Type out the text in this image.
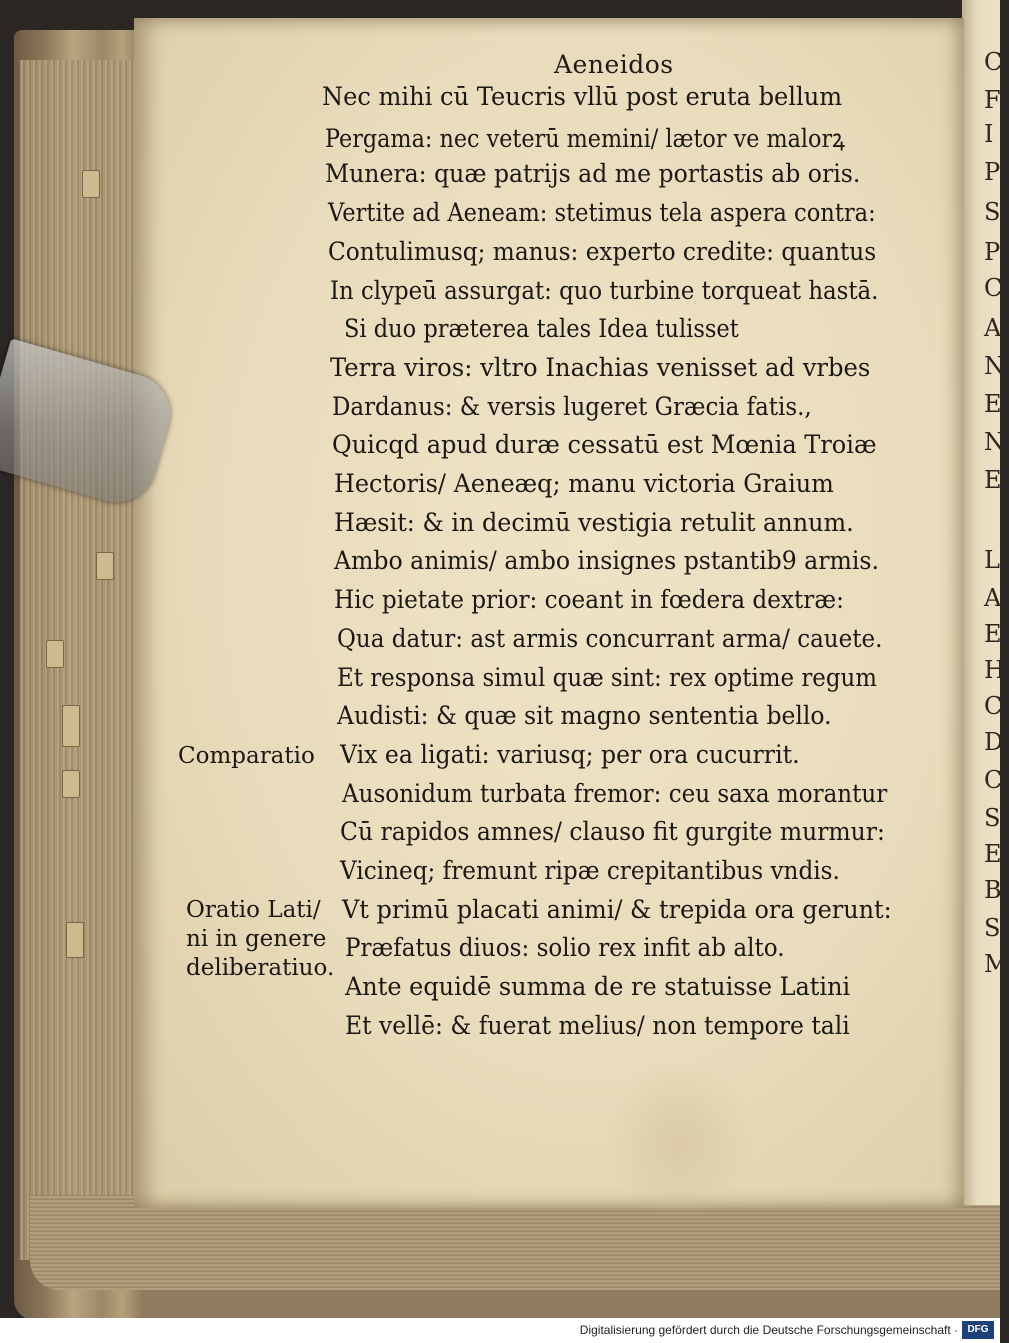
C
F
I
P
S
P
C
A
N
E
N
E
L
A
E
H
C
D
C
S
E
B
S
M
Aeneidos
Nec mihi cū Teucris vllū post eruta bellum
Pergama: nec veterū memini/ lætor ve malorꝝ
Munera: quæ patrijs ad me portastis ab oris.
Vertite ad Aeneam: stetimus tela aspera contra:
Contulimusq; manus: experto credite: quantus
In clypeū assurgat: quo turbine torqueat hastā.
Si duo præterea tales Idea tulisset
Terra viros: vltro Inachias venisset ad vrbes
Dardanus: & versis lugeret Græcia fatis.,
Quicqd apud duræ cessatū est Mœnia Troiæ
Hectoris/ Aeneæq; manu victoria Graium
Hæsit: & in decimū vestigia retulit annum.
Ambo animis/ ambo insignes pstantib9 armis.
Hic pietate prior: coeant in fœdera dextræ:
Qua datur: ast armis concurrant arma/ cauete.
Et responsa simul quæ sint: rex optime regum
Audisti: & quæ sit magno sententia bello.
Vix ea ligati: variusq; per ora cucurrit.
Ausonidum turbata fremor: ceu saxa morantur
Cū rapidos amnes/ clauso fit gurgite murmur:
Vicineq; fremunt ripæ crepitantibus vndis.
Vt primū placati animi/ & trepida ora gerunt:
Præfatus diuos: solio rex infit ab alto.
Ante equidē summa de re statuisse Latini
Et vellē: & fuerat melius/ non tempore tali
Comparatio
Oratio Lati/
ni in genere
deliberatiuo.
Digitalisierung gefördert durch die Deutsche Forschungsgemeinschaft · DFG
